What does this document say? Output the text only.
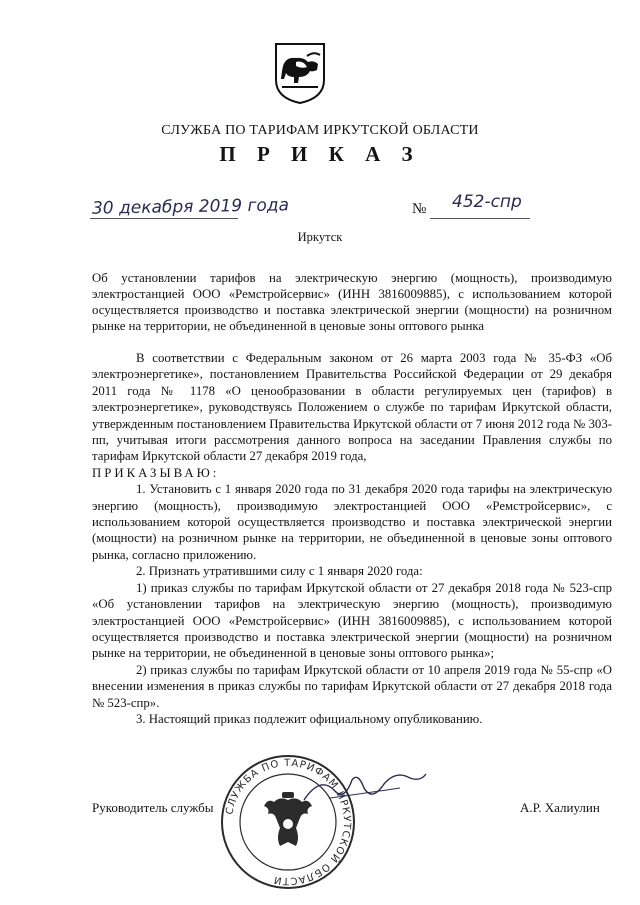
СЛУЖБА ПО ТАРИФАМ ИРКУТСКОЙ ОБЛАСТИ
П Р И К А З
30 декабря 2019 года	№ 452-спр
Иркутск
Об установлении тарифов на электрическую энергию (мощность), производимую электростанцией ООО «Ремстройсервис» (ИНН 3816009885), с использованием которой осуществляется производство и поставка электрической энергии (мощности) на розничном рынке на территории, не объединенной в ценовые зоны оптового рынка

В соответствии с Федеральным законом от 26 марта 2003 года № 35-ФЗ «Об электроэнергетике», постановлением Правительства Российской Федерации от 29 декабря 2011 года № 1178 «О ценообразовании в области регулируемых цен (тарифов) в электроэнергетике», руководствуясь Положением о службе по тарифам Иркутской области, утвержденным постановлением Правительства Иркутской области от 7 июня 2012 года № 303-пп, учитывая итоги рассмотрения данного вопроса на заседании Правления службы по тарифам Иркутской области 27 декабря 2019 года,

ПРИКАЗЫВАЮ:

1. Установить с 1 января 2020 года по 31 декабря 2020 года тарифы на электрическую энергию (мощность), производимую электростанцией ООО «Ремстройсервис», с использованием которой осуществляется производство и поставка электрической энергии (мощности) на розничном рынке на территории, не объединенной в ценовые зоны оптового рынка, согласно приложению.

2. Признать утратившими силу с 1 января 2020 года:

1) приказ службы по тарифам Иркутской области от 27 декабря 2018 года № 523-спр «Об установлении тарифов на электрическую энергию (мощность), производимую электростанцией ООО «Ремстройсервис» (ИНН 3816009885), с использованием которой осуществляется производство и поставка электрической энергии (мощности) на розничном рынке на территории, не объединенной в ценовые зоны оптового рынка»;

2) приказ службы по тарифам Иркутской области от 10 апреля 2019 года № 55-спр «О внесении изменения в приказ службы по тарифам Иркутской области от 27 декабря 2018 года № 523-спр».

3. Настоящий приказ подлежит официальному опубликованию.

Руководитель службы	А.Р. Халиулин
СЛУЖБА ПО ТАРИФАМ ИРКУТСКОЙ ОБЛАСТИ
